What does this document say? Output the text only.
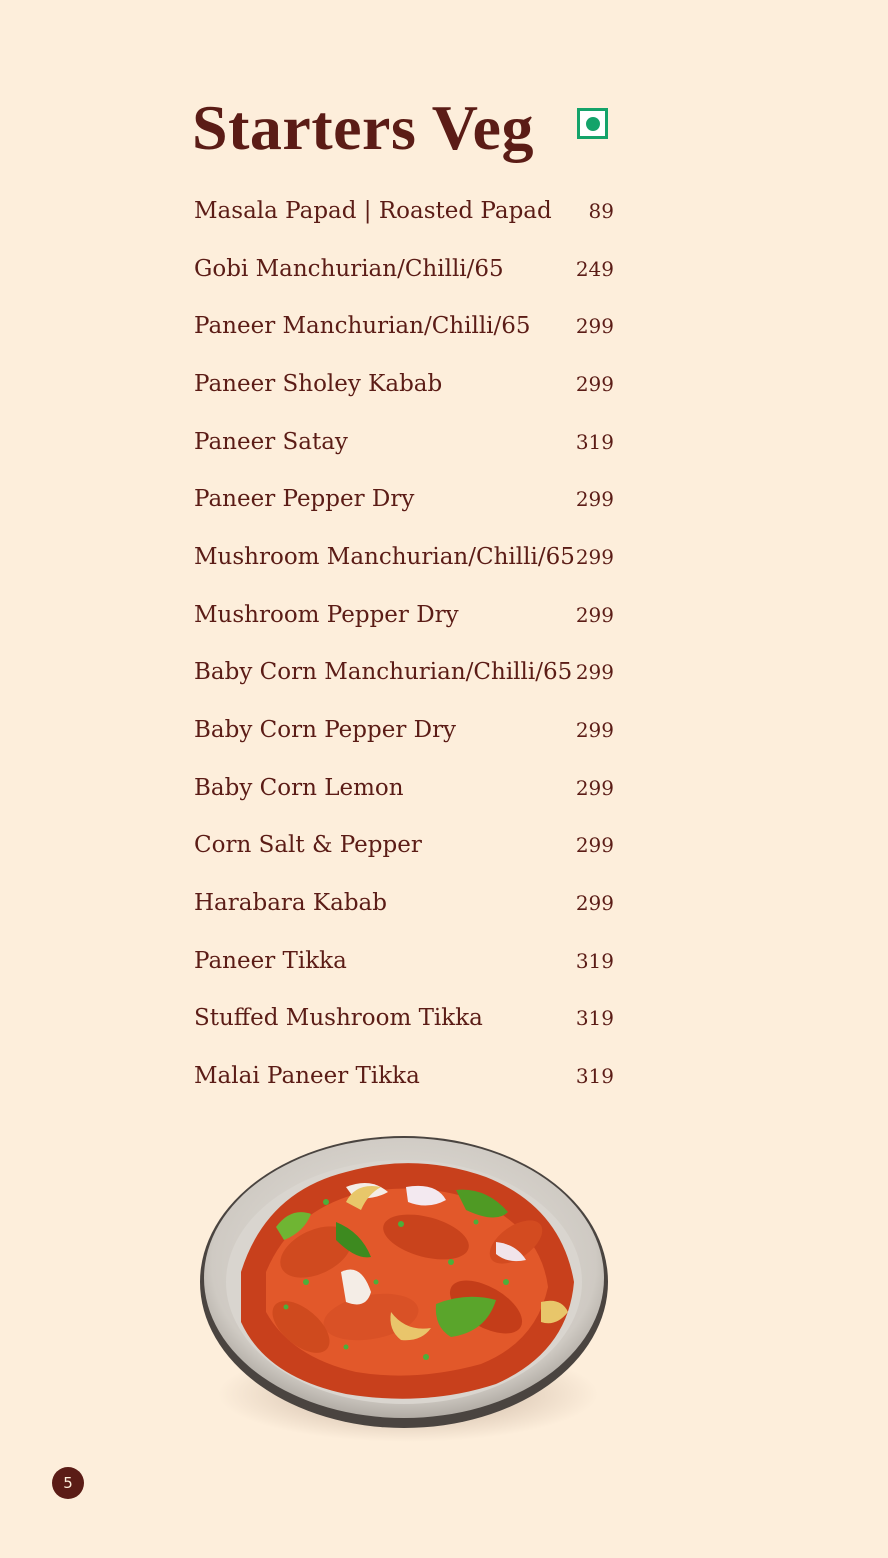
Starters Veg
Masala Papad | Roasted Papad 89
Gobi Manchurian/Chilli/65	249
Paneer Manchurian/Chilli/65 299
Paneer Sholey Kabab	299
Paneer Satay	319
Paneer Pepper Dry	299
Mushroom Manchurian/Chilli/65 299
Mushroom Pepper Dry	299
Baby Corn Manchurian/Chilli/65 299
Baby Corn Pepper Dry	299
Baby Corn Lemon	299
Corn Salt & Pepper	299
Harabara Kabab	299
Paneer Tikka	319
Stuffed Mushroom Tikka	319
Malai Paneer Tikka	319
5
